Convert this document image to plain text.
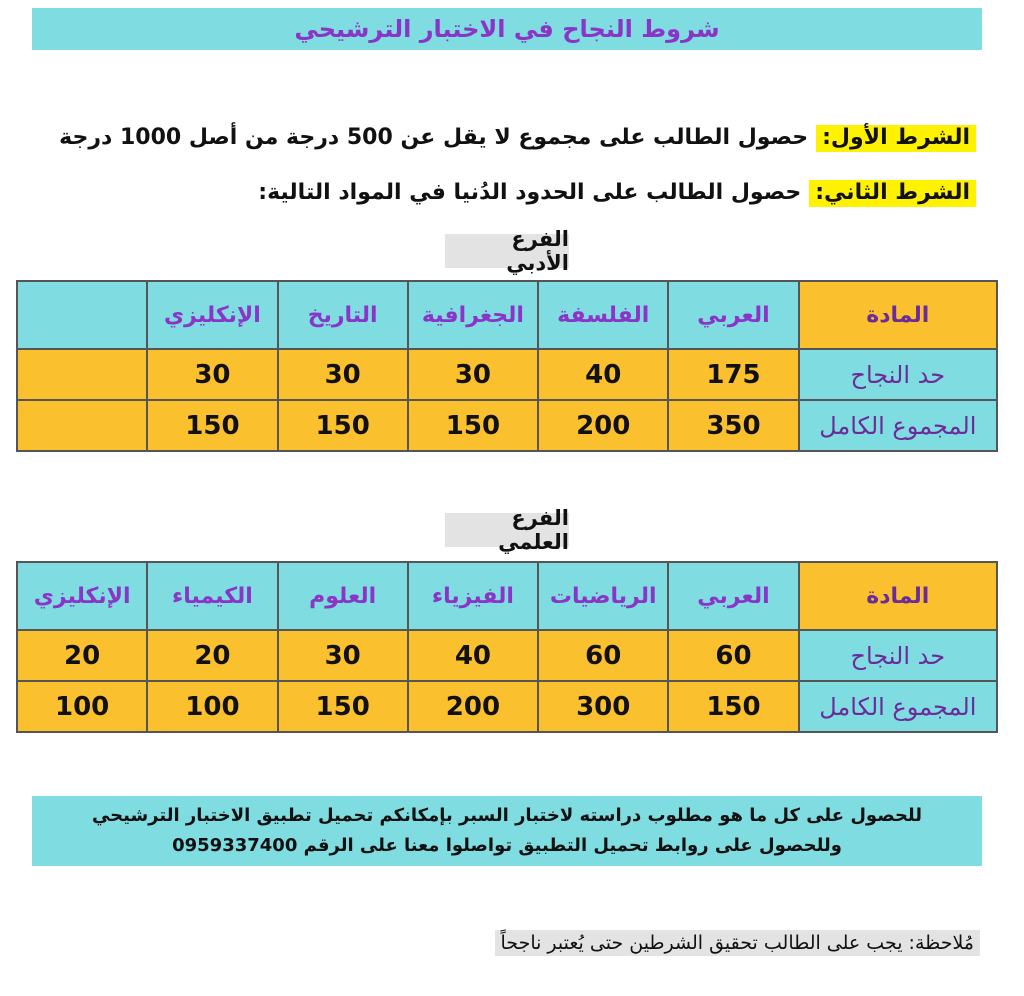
شروط النجاح في الاختبار الترشيحي
الشرط الأول:حصول الطالب على مجموع لا يقل عن 500 درجة من أصل 1000 درجة
الشرط الثاني:حصول الطالب على الحدود الدُنيا في المواد التالية:
الفرع الأدبي
المادة	العربي	الفلسفة	الجغرافية	التاريخ	الإنكليزي	
حد النجاح	175	40	30	30	30	
المجموع الكامل	350	200	150	150	150	
الفرع العلمي
المادة	العربي	الرياضيات	الفيزياء	العلوم	الكيمياء	الإنكليزي
حد النجاح	60	60	40	30	20	20
المجموع الكامل	150	300	200	150	100	100
للحصول على كل ما هو مطلوب دراسته لاختبار السبر بإمكانكم تحميل تطبيق الاختبار الترشيحي
وللحصول على روابط تحميل التطبيق تواصلوا معنا على الرقم 0959337400
مُلاحظة: يجب على الطالب تحقيق الشرطين حتى يُعتبر ناجحاً
